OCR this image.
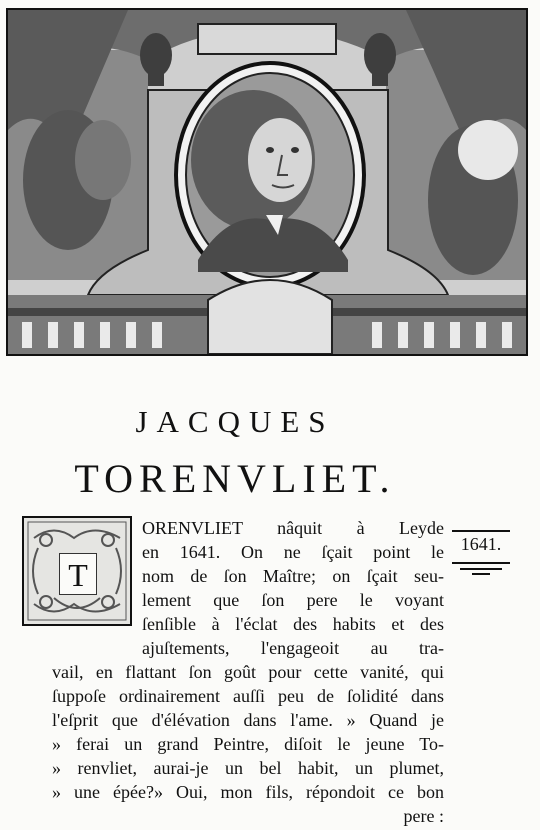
JACQUES
TORENVLIET.
T
1641.
ORENVLIET nâquit à Leyde
en 1641. On ne ſçait point le
nom de ſon Maître; on ſçait seu-
lement que ſon pere le voyant
ſenſible à l'éclat des habits et des
ajuſtements, l'engageoit au tra-
vail, en flattant ſon goût pour cette vanité, qui
ſuppoſe ordinairement auſſi peu de ſolidité dans
l'eſprit que d'élévation dans l'ame. » Quand je
» ferai un grand Peintre, diſoit le jeune To-
» renvliet, aurai-je un bel habit, un plumet,
» une épée?» Oui, mon fils, répondoit ce bon
pere :
